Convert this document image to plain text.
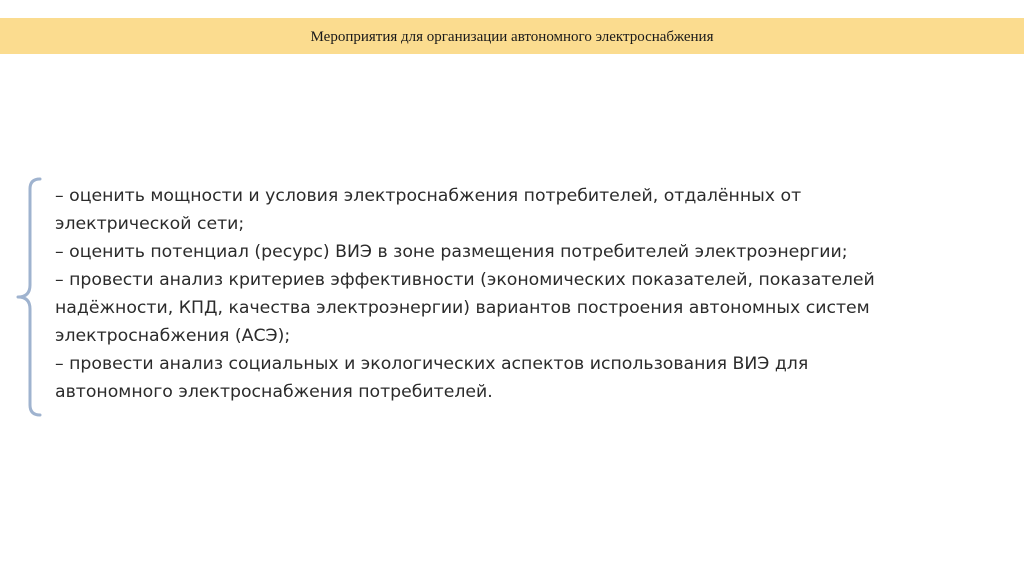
Мероприятия для организации автономного электроснабжения

– оценить мощности и условия электроснабжения потребителей, отдалённых от
электрической сети;

– оценить потенциал (ресурс) ВИЭ в зоне размещения потребителей электроэнергии;

– провести анализ критериев эффективности (экономических показателей, показателей
надёжности, КПД, качества электроэнергии) вариантов построения автономных систем
электроснабжения (АСЭ);

– провести анализ социальных и экологических аспектов использования ВИЭ для
автономного электроснабжения потребителей.
